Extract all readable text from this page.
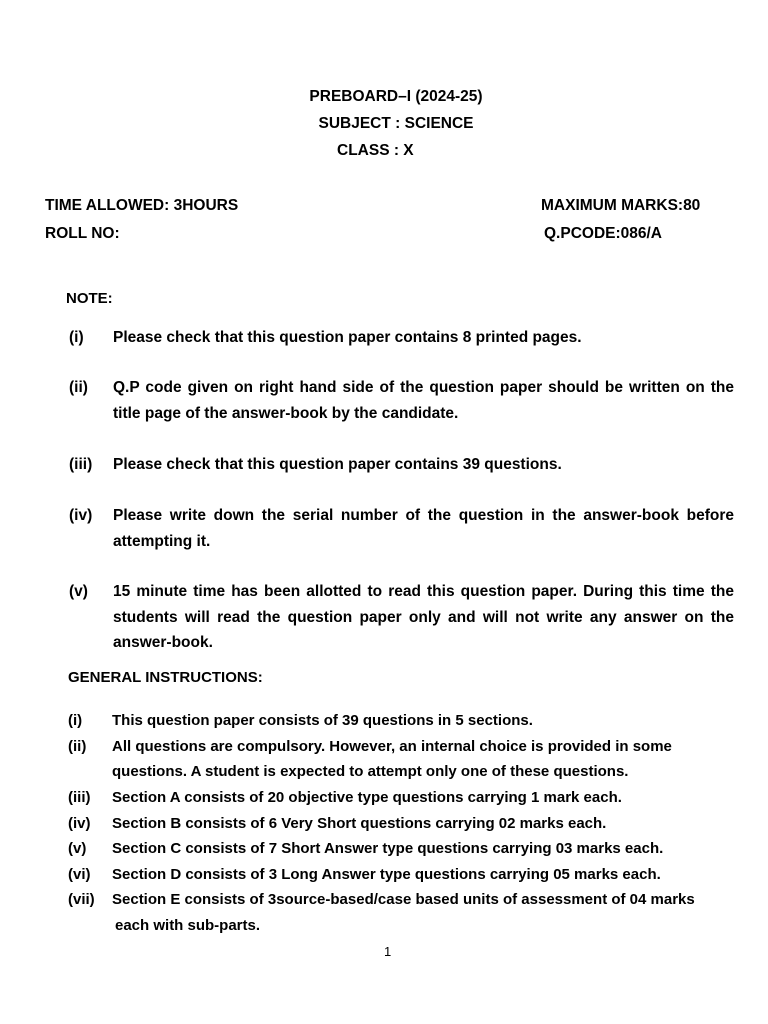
PREBOARD–I (2024-25)
SUBJECT : SCIENCE
CLASS : X
TIME ALLOWED: 3HOURS	MAXIMUM MARKS:80
ROLL NO:	Q.PCODE:086/A
NOTE:
(i) Please check that this question paper contains 8 printed pages.
(ii) Q.P code given on right hand side of the question paper should be written on the
title page of the answer-book by the candidate.
(iii) Please check that this question paper contains 39 questions.
(iv) Please write down the serial number of the question in the answer-book before
attempting it.
(v) 15 minute time has been allotted to read this question paper. During this time the
students will read the question paper only and will not write any answer on the
answer-book.
GENERAL INSTRUCTIONS:
(i) This question paper consists of 39 questions in 5 sections.
(ii) All questions are compulsory. However, an internal choice is provided in some
questions. A student is expected to attempt only one of these questions.
(iii) Section A consists of 20 objective type questions carrying 1 mark each.
(iv) Section B consists of 6 Very Short questions carrying 02 marks each.
(v) Section C consists of 7 Short Answer type questions carrying 03 marks each.
(vi) Section D consists of 3 Long Answer type questions carrying 05 marks each.
(vii) Section E consists of 3source-based/case based units of assessment of 04 marks
each with sub-parts.
1
